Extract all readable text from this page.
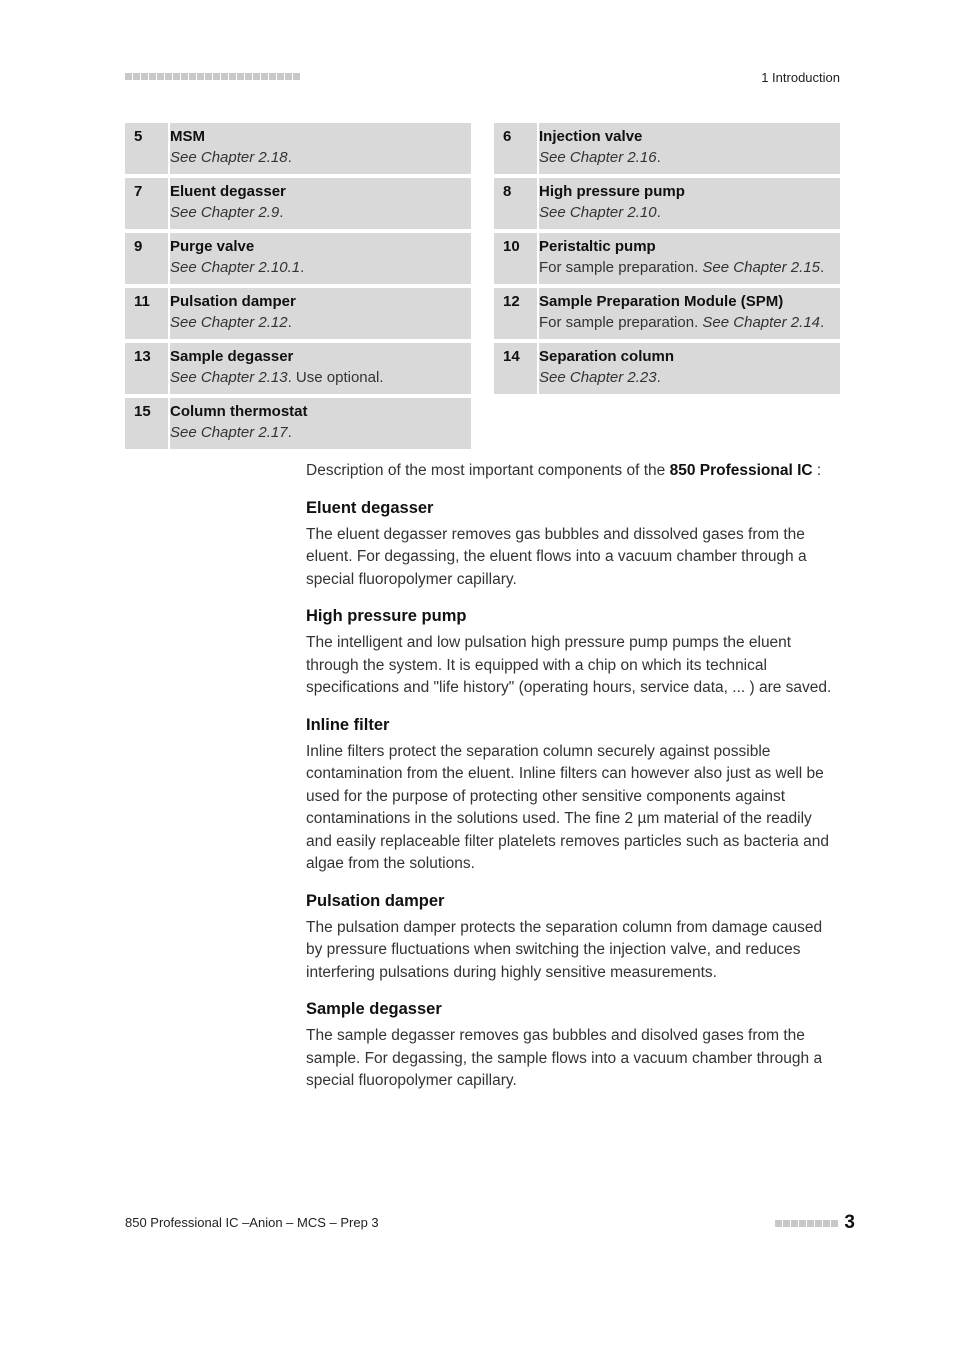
1 Introduction
5 MSM
See Chapter 2.18.
7 Eluent degasser
See Chapter 2.9.
9 Purge valve
See Chapter 2.10.1.
11 Pulsation damper
See Chapter 2.12.
13 Sample degasser
See Chapter 2.13. Use optional.
15 Column thermostat
See Chapter 2.17.
6 Injection valve
See Chapter 2.16.
8 High pressure pump
See Chapter 2.10.
10 Peristaltic pump
For sample preparation. See Chapter 2.15.
12 Sample Preparation Module (SPM)
For sample preparation. See Chapter 2.14.
14 Separation column
See Chapter 2.23.

Description of the most important components of the 850 Professional IC :

Eluent degasser

The eluent degasser removes gas bubbles and dissolved gases from the eluent. For degassing, the eluent flows into a vacuum chamber through a special fluoropolymer capillary.

High pressure pump

The intelligent and low pulsation high pressure pump pumps the eluent through the system. It is equipped with a chip on which its technical specifications and "life history" (operating hours, service data, ... ) are saved.

Inline filter

Inline filters protect the separation column securely against possible contamination from the eluent. Inline filters can however also just as well be used for the purpose of protecting other sensitive components against contaminations in the solutions used. The fine 2 µm material of the readily and easily replaceable filter platelets removes particles such as bacteria and algae from the solutions.

Pulsation damper

The pulsation damper protects the separation column from damage caused by pressure fluctuations when switching the injection valve, and reduces interfering pulsations during highly sensitive measurements.

Sample degasser

The sample degasser removes gas bubbles and disolved gases from the sample. For degassing, the sample flows into a vacuum chamber through a special fluoropolymer capillary.

850 Professional IC –Anion – MCS – Prep 3	3
